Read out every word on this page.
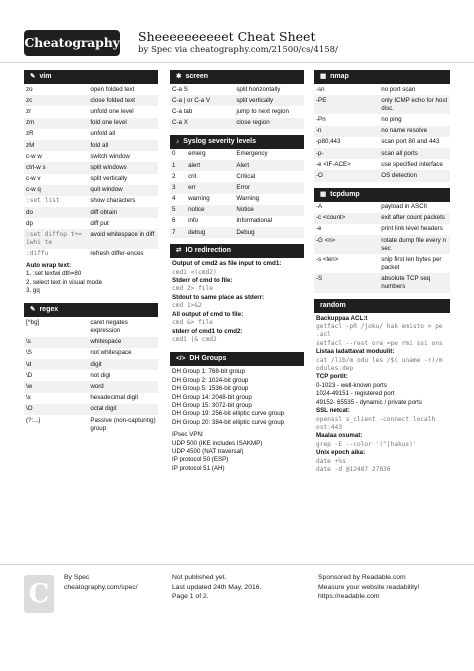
Cheatography Sheeeeeeeeeet Cheat Sheet
by Spec via cheatography.com/21500/cs/4158/
✎ vim
zo	open folded text
zc	close folded text
zr	unfold one level
zm	fold one level
zR	unfold all
zM	fold all
c-w w	switch window
ctrl-w s	split windows
c-w v	split vertically
c-w q	quit window
:set list	show characters
do	diff obtain
dp	diff put
:set diffop t+= iwhi te	avoid whitespace in diff
:diffu	refresh differ-ences
Auto wrap text:
1. :set textwi dth=80
2. select text in visual mode
3. gq
✎ regex
[^bg]	caret negates expression
\s	whitespace
\S	not whitespace
\d	digit
\D	not digi
\w	word
\x	hexadecimal digit
\O	octal digit
(?:...)	Passive (non-capturing) group
✱ screen
C-a S	split horizontally
C-a | or C-a V	split vertically
C-a tab	jump to next region
C-a X	close region
♪ Syslog severity levels
0	emerg	Emergency
1	alert	Alert
2	crit	Critical
3	err	Error
4	warning	Warning
5	notice	Notice
6	info	Informational
7	debug	Debug
⇄ IO redirection
Output of cmd2 as file input to cmd1:
cmd1 <(cmd2)
Stderr of cmd to file:
cmd 2> file
Stdout to same place as stderr:
cmd 1>&2
All output of cmd to file:
cmd &> file
stderr of cmd1 to cmd2:
cmd1 |& cmd2
</> DH Groups
DH Group 1: 768-bit group
DH Group 2: 1024-bit group
DH Group 5: 1536-bit group
DH Group 14: 2048-bit group
DH Group 15: 3072-bit group
DH Group 19: 256-bit elliptic curve group
DH Group 20: 384-bit elliptic curve group
IPsec VPN:
UDP 500 (IKE includes ISAKMP)
UDP 4500 (NAT traversal)
IP protocol 50 (ESP)
IP protocol 51 (AH)
▦ nmap
-sn	no port scan
-PE	only ICMP echo for host disc.
-Pn	no ping
-n	no name resolve
-p80,443	scan port 80 and 443
-p-	scan all ports
-e <IF-ACE>	use specified interface
-O	OS detection
▦ tcpdump
-A	payload in ASCII
-c <count>	exit after count packets
-e	print link level headers
-G <n>	rotate dump file every n sec
-s <len>	snip first len bytes per packet
-S	absolute TCP seq numbers
random
Backuppaa ACL:t
getfacl -pR /joku/ hak emisto > pe .acl
setfacl --rest ore =pe rmi ssi ons
Listaa ladattavat moduulit:
cat /lib/m odu les /$( uname -r)/m odules.dep
TCP portit:
0-1023 - well-known ports
1024-49151 - registered port
49152- 65535 - dynamic / private ports
SSL netcat:
openssl s_client -connect localh ost:443
Maalaa osumat:
grep -E --color '(^|hakus)'
Unix epoch aika:
date +%s
date -d @12487 27836
C
By Spec
cheatography.com/spec/
Not published yet.
Last updated 24th May, 2016.
Page 1 of 2.
Sponsored by Readable.com
Measure your website readability!
https://readable.com
